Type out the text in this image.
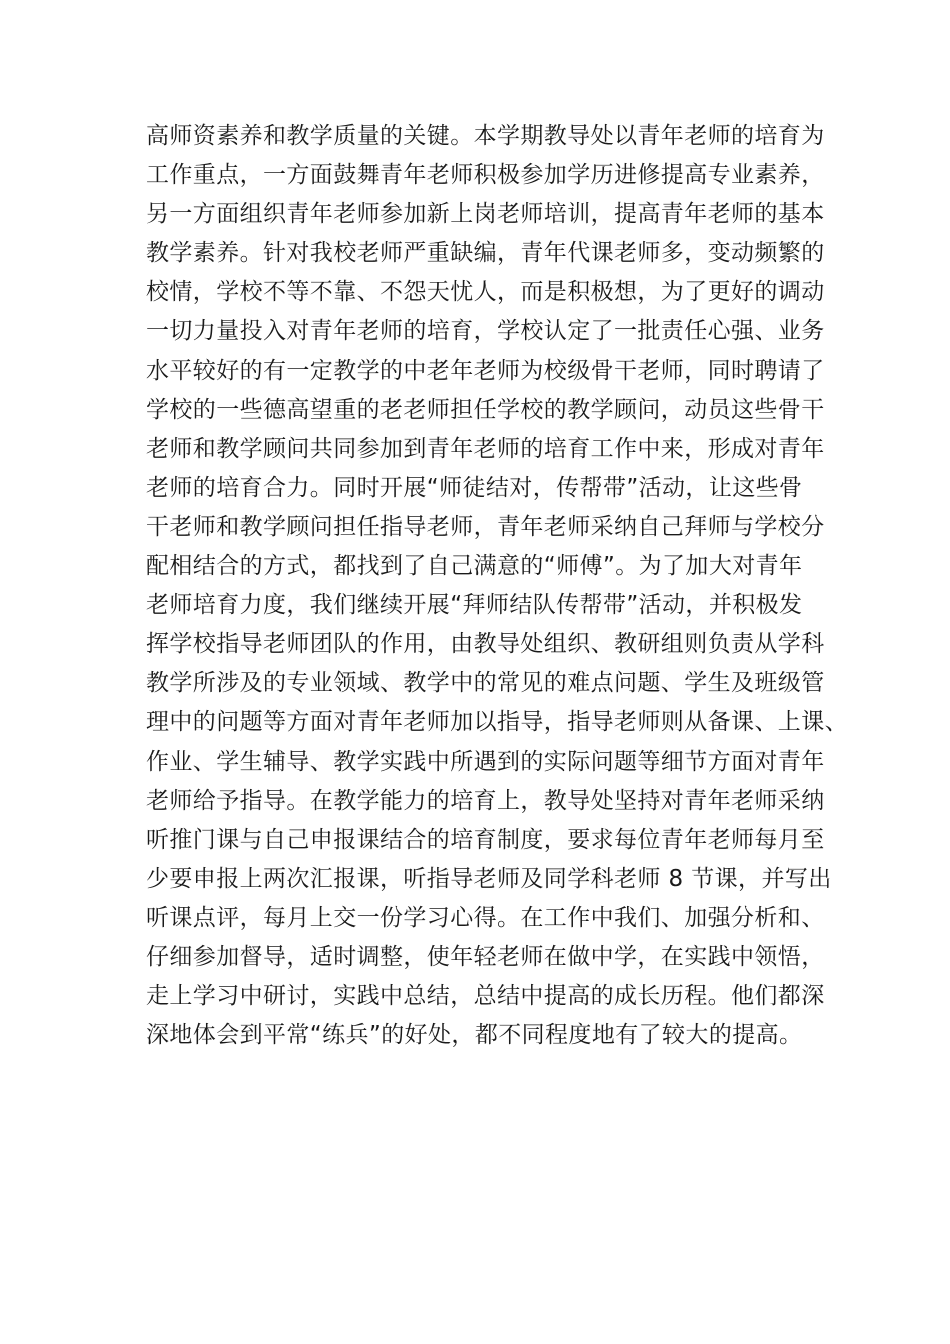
高师资素养和教学质量的关键。本学期教导处以青年老师的培育为
工作重点，一方面鼓舞青年老师积极参加学历进修提高专业素养，
另一方面组织青年老师参加新上岗老师培训，提高青年老师的基本
教学素养。针对我校老师严重缺编，青年代课老师多，变动频繁的
校情，学校不等不靠、不怨天忧人，而是积极想，为了更好的调动
一切力量投入对青年老师的培育，学校认定了一批责任心强、业务
水平较好的有一定教学的中老年老师为校级骨干老师，同时聘请了
学校的一些德高望重的老老师担任学校的教学顾问，动员这些骨干
老师和教学顾问共同参加到青年老师的培育工作中来，形成对青年
老师的培育合力。同时开展“师徒结对，传帮带”活动，让这些骨
干老师和教学顾问担任指导老师，青年老师采纳自己拜师与学校分
配相结合的方式，都找到了自己满意的“师傅”。为了加大对青年
老师培育力度，我们继续开展“拜师结队传帮带”活动，并积极发
挥学校指导老师团队的作用，由教导处组织、教研组则负责从学科
教学所涉及的专业领域、教学中的常见的难点问题、学生及班级管
理中的问题等方面对青年老师加以指导，指导老师则从备课、上课、
作业、学生辅导、教学实践中所遇到的实际问题等细节方面对青年
老师给予指导。在教学能力的培育上，教导处坚持对青年老师采纳
听推门课与自己申报课结合的培育制度，要求每位青年老师每月至
少要申报上两次汇报课，听指导老师及同学科老师 8 节课，并写出
听课点评，每月上交一份学习心得。在工作中我们、加强分析和、
仔细参加督导，适时调整，使年轻老师在做中学，在实践中领悟，
走上学习中研讨，实践中总结，总结中提高的成长历程。他们都深
深地体会到平常“练兵”的好处，都不同程度地有了较大的提高。
